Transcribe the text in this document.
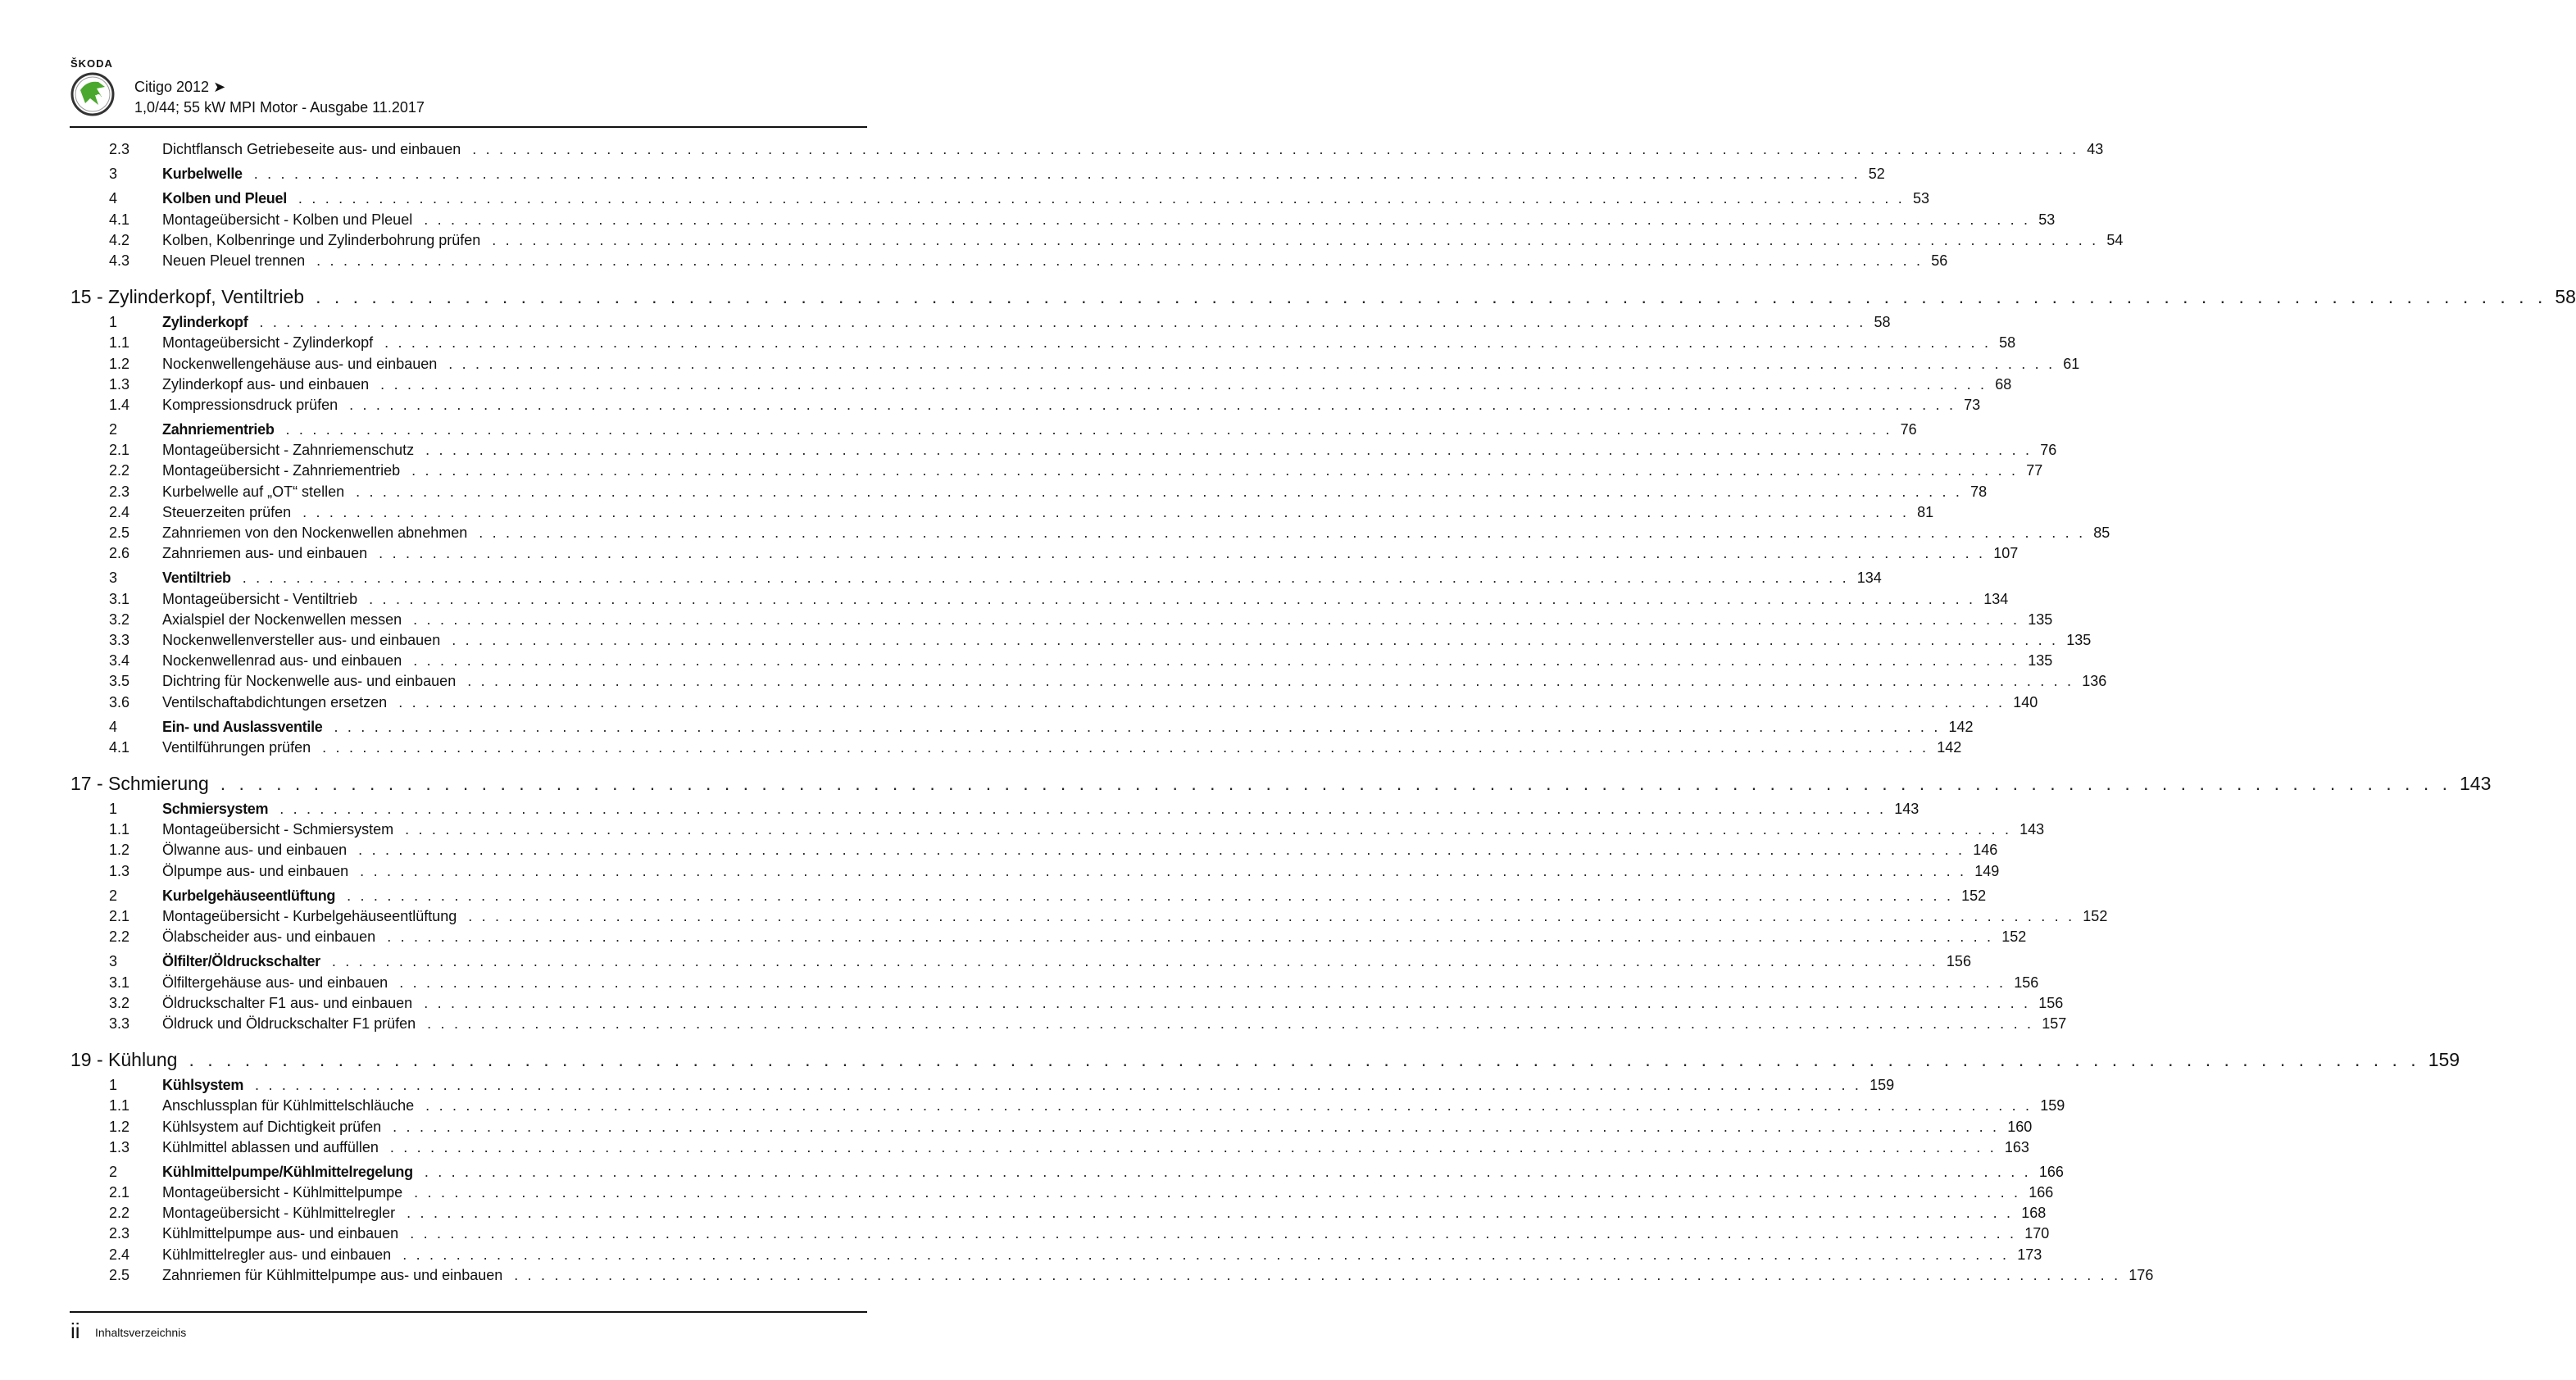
ŠKODA
Citigo 2012 ➤
1,0/44; 55 kW MPI Motor - Ausgabe 11.2017
2.3	Dichtflansch Getriebeseite aus- und einbauen . . . . . . . . . . . . . . . . . . . . . . . . . . . . . . . . . . . . . . . . . . . . . . . . . . . . . . . . . . . . . . . . . . . . . . . . . . . . . . . . . . . . . . . . . . . . . . . . . . . . . . . . . . . . . . . . . . . . . . . . 43
3	Kurbelwelle . . . . . . . . . . . . . . . . . . . . . . . . . . . . . . . . . . . . . . . . . . . . . . . . . . . . . . . . . . . . . . . . . . . . . . . . . . . . . . . . . . . . . . . . . . . . . . . . . . . . . . . . . . . . . . . . . . . . . . . . 52
4	Kolben und Pleuel . . . . . . . . . . . . . . . . . . . . . . . . . . . . . . . . . . . . . . . . . . . . . . . . . . . . . . . . . . . . . . . . . . . . . . . . . . . . . . . . . . . . . . . . . . . . . . . . . . . . . . . . . . . . . . . . . . . . . . . . 53
4.1	Montageübersicht - Kolben und Pleuel . . . . . . . . . . . . . . . . . . . . . . . . . . . . . . . . . . . . . . . . . . . . . . . . . . . . . . . . . . . . . . . . . . . . . . . . . . . . . . . . . . . . . . . . . . . . . . . . . . . . . . . . . . . . . . . . . . . . . . . . 53
4.2	Kolben, Kolbenringe und Zylinderbohrung prüfen . . . . . . . . . . . . . . . . . . . . . . . . . . . . . . . . . . . . . . . . . . . . . . . . . . . . . . . . . . . . . . . . . . . . . . . . . . . . . . . . . . . . . . . . . . . . . . . . . . . . . . . . . . . . . . . . . . . . . . . . 54
4.3	Neuen Pleuel trennen . . . . . . . . . . . . . . . . . . . . . . . . . . . . . . . . . . . . . . . . . . . . . . . . . . . . . . . . . . . . . . . . . . . . . . . . . . . . . . . . . . . . . . . . . . . . . . . . . . . . . . . . . . . . . . . . . . . . . . . . 56
15 - Zylinderkopf, Ventiltrieb . . . . . . . . . . . . . . . . . . . . . . . . . . . . . . . . . . . . . . . . . . . . . . . . . . . . . . . . . . . . . . . . . . . . . . . . . . . . . . . . . . . . . . . . . . . . . . . . . . . . . . . . . . . . . . . . . . . . . . . . 58
1	Zylinderkopf . . . . . . . . . . . . . . . . . . . . . . . . . . . . . . . . . . . . . . . . . . . . . . . . . . . . . . . . . . . . . . . . . . . . . . . . . . . . . . . . . . . . . . . . . . . . . . . . . . . . . . . . . . . . . . . . . . . . . . . . 58
1.1	Montageübersicht - Zylinderkopf . . . . . . . . . . . . . . . . . . . . . . . . . . . . . . . . . . . . . . . . . . . . . . . . . . . . . . . . . . . . . . . . . . . . . . . . . . . . . . . . . . . . . . . . . . . . . . . . . . . . . . . . . . . . . . . . . . . . . . . . 58
1.2	Nockenwellengehäuse aus- und einbauen . . . . . . . . . . . . . . . . . . . . . . . . . . . . . . . . . . . . . . . . . . . . . . . . . . . . . . . . . . . . . . . . . . . . . . . . . . . . . . . . . . . . . . . . . . . . . . . . . . . . . . . . . . . . . . . . . . . . . . . . 61
1.3	Zylinderkopf aus- und einbauen . . . . . . . . . . . . . . . . . . . . . . . . . . . . . . . . . . . . . . . . . . . . . . . . . . . . . . . . . . . . . . . . . . . . . . . . . . . . . . . . . . . . . . . . . . . . . . . . . . . . . . . . . . . . . . . . . . . . . . . . 68
1.4	Kompressionsdruck prüfen . . . . . . . . . . . . . . . . . . . . . . . . . . . . . . . . . . . . . . . . . . . . . . . . . . . . . . . . . . . . . . . . . . . . . . . . . . . . . . . . . . . . . . . . . . . . . . . . . . . . . . . . . . . . . . . . . . . . . . . . 73
2	Zahnriementrieb . . . . . . . . . . . . . . . . . . . . . . . . . . . . . . . . . . . . . . . . . . . . . . . . . . . . . . . . . . . . . . . . . . . . . . . . . . . . . . . . . . . . . . . . . . . . . . . . . . . . . . . . . . . . . . . . . . . . . . . . 76
2.1	Montageübersicht - Zahnriemenschutz . . . . . . . . . . . . . . . . . . . . . . . . . . . . . . . . . . . . . . . . . . . . . . . . . . . . . . . . . . . . . . . . . . . . . . . . . . . . . . . . . . . . . . . . . . . . . . . . . . . . . . . . . . . . . . . . . . . . . . . . 76
2.2	Montageübersicht - Zahnriementrieb . . . . . . . . . . . . . . . . . . . . . . . . . . . . . . . . . . . . . . . . . . . . . . . . . . . . . . . . . . . . . . . . . . . . . . . . . . . . . . . . . . . . . . . . . . . . . . . . . . . . . . . . . . . . . . . . . . . . . . . . 77
2.3	Kurbelwelle auf „OT“ stellen . . . . . . . . . . . . . . . . . . . . . . . . . . . . . . . . . . . . . . . . . . . . . . . . . . . . . . . . . . . . . . . . . . . . . . . . . . . . . . . . . . . . . . . . . . . . . . . . . . . . . . . . . . . . . . . . . . . . . . . . 78
2.4	Steuerzeiten prüfen . . . . . . . . . . . . . . . . . . . . . . . . . . . . . . . . . . . . . . . . . . . . . . . . . . . . . . . . . . . . . . . . . . . . . . . . . . . . . . . . . . . . . . . . . . . . . . . . . . . . . . . . . . . . . . . . . . . . . . . . 81
2.5	Zahnriemen von den Nockenwellen abnehmen . . . . . . . . . . . . . . . . . . . . . . . . . . . . . . . . . . . . . . . . . . . . . . . . . . . . . . . . . . . . . . . . . . . . . . . . . . . . . . . . . . . . . . . . . . . . . . . . . . . . . . . . . . . . . . . . . . . . . . . . 85
2.6	Zahnriemen aus- und einbauen . . . . . . . . . . . . . . . . . . . . . . . . . . . . . . . . . . . . . . . . . . . . . . . . . . . . . . . . . . . . . . . . . . . . . . . . . . . . . . . . . . . . . . . . . . . . . . . . . . . . . . . . . . . . . . . . . . . . . . . . 107
3	Ventiltrieb . . . . . . . . . . . . . . . . . . . . . . . . . . . . . . . . . . . . . . . . . . . . . . . . . . . . . . . . . . . . . . . . . . . . . . . . . . . . . . . . . . . . . . . . . . . . . . . . . . . . . . . . . . . . . . . . . . . . . . . . 134
3.1	Montageübersicht - Ventiltrieb . . . . . . . . . . . . . . . . . . . . . . . . . . . . . . . . . . . . . . . . . . . . . . . . . . . . . . . . . . . . . . . . . . . . . . . . . . . . . . . . . . . . . . . . . . . . . . . . . . . . . . . . . . . . . . . . . . . . . . . . 134
3.2	Axialspiel der Nockenwellen messen . . . . . . . . . . . . . . . . . . . . . . . . . . . . . . . . . . . . . . . . . . . . . . . . . . . . . . . . . . . . . . . . . . . . . . . . . . . . . . . . . . . . . . . . . . . . . . . . . . . . . . . . . . . . . . . . . . . . . . . . 135
3.3	Nockenwellenversteller aus- und einbauen . . . . . . . . . . . . . . . . . . . . . . . . . . . . . . . . . . . . . . . . . . . . . . . . . . . . . . . . . . . . . . . . . . . . . . . . . . . . . . . . . . . . . . . . . . . . . . . . . . . . . . . . . . . . . . . . . . . . . . . . 135
3.4	Nockenwellenrad aus- und einbauen . . . . . . . . . . . . . . . . . . . . . . . . . . . . . . . . . . . . . . . . . . . . . . . . . . . . . . . . . . . . . . . . . . . . . . . . . . . . . . . . . . . . . . . . . . . . . . . . . . . . . . . . . . . . . . . . . . . . . . . . 135
3.5	Dichtring für Nockenwelle aus- und einbauen . . . . . . . . . . . . . . . . . . . . . . . . . . . . . . . . . . . . . . . . . . . . . . . . . . . . . . . . . . . . . . . . . . . . . . . . . . . . . . . . . . . . . . . . . . . . . . . . . . . . . . . . . . . . . . . . . . . . . . . . 136
3.6	Ventilschaftabdichtungen ersetzen . . . . . . . . . . . . . . . . . . . . . . . . . . . . . . . . . . . . . . . . . . . . . . . . . . . . . . . . . . . . . . . . . . . . . . . . . . . . . . . . . . . . . . . . . . . . . . . . . . . . . . . . . . . . . . . . . . . . . . . . 140
4	Ein- und Auslassventile . . . . . . . . . . . . . . . . . . . . . . . . . . . . . . . . . . . . . . . . . . . . . . . . . . . . . . . . . . . . . . . . . . . . . . . . . . . . . . . . . . . . . . . . . . . . . . . . . . . . . . . . . . . . . . . . . . . . . . . . 142
4.1	Ventilführungen prüfen . . . . . . . . . . . . . . . . . . . . . . . . . . . . . . . . . . . . . . . . . . . . . . . . . . . . . . . . . . . . . . . . . . . . . . . . . . . . . . . . . . . . . . . . . . . . . . . . . . . . . . . . . . . . . . . . . . . . . . . . 142
17 - Schmierung . . . . . . . . . . . . . . . . . . . . . . . . . . . . . . . . . . . . . . . . . . . . . . . . . . . . . . . . . . . . . . . . . . . . . . . . . . . . . . . . . . . . . . . . . . . . . . . . . . . . . . . . . . . . . . . . . . . . . . . . 143
1	Schmiersystem . . . . . . . . . . . . . . . . . . . . . . . . . . . . . . . . . . . . . . . . . . . . . . . . . . . . . . . . . . . . . . . . . . . . . . . . . . . . . . . . . . . . . . . . . . . . . . . . . . . . . . . . . . . . . . . . . . . . . . . . 143
1.1	Montageübersicht - Schmiersystem . . . . . . . . . . . . . . . . . . . . . . . . . . . . . . . . . . . . . . . . . . . . . . . . . . . . . . . . . . . . . . . . . . . . . . . . . . . . . . . . . . . . . . . . . . . . . . . . . . . . . . . . . . . . . . . . . . . . . . . . 143
1.2	Ölwanne aus- und einbauen . . . . . . . . . . . . . . . . . . . . . . . . . . . . . . . . . . . . . . . . . . . . . . . . . . . . . . . . . . . . . . . . . . . . . . . . . . . . . . . . . . . . . . . . . . . . . . . . . . . . . . . . . . . . . . . . . . . . . . . . 146
1.3	Ölpumpe aus- und einbauen . . . . . . . . . . . . . . . . . . . . . . . . . . . . . . . . . . . . . . . . . . . . . . . . . . . . . . . . . . . . . . . . . . . . . . . . . . . . . . . . . . . . . . . . . . . . . . . . . . . . . . . . . . . . . . . . . . . . . . . . 149
2	Kurbelgehäuseentlüftung . . . . . . . . . . . . . . . . . . . . . . . . . . . . . . . . . . . . . . . . . . . . . . . . . . . . . . . . . . . . . . . . . . . . . . . . . . . . . . . . . . . . . . . . . . . . . . . . . . . . . . . . . . . . . . . . . . . . . . . . 152
2.1	Montageübersicht - Kurbelgehäuseentlüftung . . . . . . . . . . . . . . . . . . . . . . . . . . . . . . . . . . . . . . . . . . . . . . . . . . . . . . . . . . . . . . . . . . . . . . . . . . . . . . . . . . . . . . . . . . . . . . . . . . . . . . . . . . . . . . . . . . . . . . . . 152
2.2	Ölabscheider aus- und einbauen . . . . . . . . . . . . . . . . . . . . . . . . . . . . . . . . . . . . . . . . . . . . . . . . . . . . . . . . . . . . . . . . . . . . . . . . . . . . . . . . . . . . . . . . . . . . . . . . . . . . . . . . . . . . . . . . . . . . . . . . 152
3	Ölfilter/Öldruckschalter . . . . . . . . . . . . . . . . . . . . . . . . . . . . . . . . . . . . . . . . . . . . . . . . . . . . . . . . . . . . . . . . . . . . . . . . . . . . . . . . . . . . . . . . . . . . . . . . . . . . . . . . . . . . . . . . . . . . . . . . 156
3.1	Ölfiltergehäuse aus- und einbauen . . . . . . . . . . . . . . . . . . . . . . . . . . . . . . . . . . . . . . . . . . . . . . . . . . . . . . . . . . . . . . . . . . . . . . . . . . . . . . . . . . . . . . . . . . . . . . . . . . . . . . . . . . . . . . . . . . . . . . . . 156
3.2	Öldruckschalter F1 aus- und einbauen . . . . . . . . . . . . . . . . . . . . . . . . . . . . . . . . . . . . . . . . . . . . . . . . . . . . . . . . . . . . . . . . . . . . . . . . . . . . . . . . . . . . . . . . . . . . . . . . . . . . . . . . . . . . . . . . . . . . . . . . 156
3.3	Öldruck und Öldruckschalter F1 prüfen . . . . . . . . . . . . . . . . . . . . . . . . . . . . . . . . . . . . . . . . . . . . . . . . . . . . . . . . . . . . . . . . . . . . . . . . . . . . . . . . . . . . . . . . . . . . . . . . . . . . . . . . . . . . . . . . . . . . . . . . 157
19 - Kühlung . . . . . . . . . . . . . . . . . . . . . . . . . . . . . . . . . . . . . . . . . . . . . . . . . . . . . . . . . . . . . . . . . . . . . . . . . . . . . . . . . . . . . . . . . . . . . . . . . . . . . . . . . . . . . . . . . . . . . . . . 159
1	Kühlsystem . . . . . . . . . . . . . . . . . . . . . . . . . . . . . . . . . . . . . . . . . . . . . . . . . . . . . . . . . . . . . . . . . . . . . . . . . . . . . . . . . . . . . . . . . . . . . . . . . . . . . . . . . . . . . . . . . . . . . . . . 159
1.1	Anschlussplan für Kühlmittelschläuche . . . . . . . . . . . . . . . . . . . . . . . . . . . . . . . . . . . . . . . . . . . . . . . . . . . . . . . . . . . . . . . . . . . . . . . . . . . . . . . . . . . . . . . . . . . . . . . . . . . . . . . . . . . . . . . . . . . . . . . . 159
1.2	Kühlsystem auf Dichtigkeit prüfen . . . . . . . . . . . . . . . . . . . . . . . . . . . . . . . . . . . . . . . . . . . . . . . . . . . . . . . . . . . . . . . . . . . . . . . . . . . . . . . . . . . . . . . . . . . . . . . . . . . . . . . . . . . . . . . . . . . . . . . . 160
1.3	Kühlmittel ablassen und auffüllen . . . . . . . . . . . . . . . . . . . . . . . . . . . . . . . . . . . . . . . . . . . . . . . . . . . . . . . . . . . . . . . . . . . . . . . . . . . . . . . . . . . . . . . . . . . . . . . . . . . . . . . . . . . . . . . . . . . . . . . . 163
2	Kühlmittelpumpe/Kühlmittelregelung . . . . . . . . . . . . . . . . . . . . . . . . . . . . . . . . . . . . . . . . . . . . . . . . . . . . . . . . . . . . . . . . . . . . . . . . . . . . . . . . . . . . . . . . . . . . . . . . . . . . . . . . . . . . . . . . . . . . . . . . 166
2.1	Montageübersicht - Kühlmittelpumpe . . . . . . . . . . . . . . . . . . . . . . . . . . . . . . . . . . . . . . . . . . . . . . . . . . . . . . . . . . . . . . . . . . . . . . . . . . . . . . . . . . . . . . . . . . . . . . . . . . . . . . . . . . . . . . . . . . . . . . . . 166
2.2	Montageübersicht - Kühlmittelregler . . . . . . . . . . . . . . . . . . . . . . . . . . . . . . . . . . . . . . . . . . . . . . . . . . . . . . . . . . . . . . . . . . . . . . . . . . . . . . . . . . . . . . . . . . . . . . . . . . . . . . . . . . . . . . . . . . . . . . . . 168
2.3	Kühlmittelpumpe aus- und einbauen . . . . . . . . . . . . . . . . . . . . . . . . . . . . . . . . . . . . . . . . . . . . . . . . . . . . . . . . . . . . . . . . . . . . . . . . . . . . . . . . . . . . . . . . . . . . . . . . . . . . . . . . . . . . . . . . . . . . . . . . 170
2.4	Kühlmittelregler aus- und einbauen . . . . . . . . . . . . . . . . . . . . . . . . . . . . . . . . . . . . . . . . . . . . . . . . . . . . . . . . . . . . . . . . . . . . . . . . . . . . . . . . . . . . . . . . . . . . . . . . . . . . . . . . . . . . . . . . . . . . . . . . 173
2.5	Zahnriemen für Kühlmittelpumpe aus- und einbauen . . . . . . . . . . . . . . . . . . . . . . . . . . . . . . . . . . . . . . . . . . . . . . . . . . . . . . . . . . . . . . . . . . . . . . . . . . . . . . . . . . . . . . . . . . . . . . . . . . . . . . . . . . . . . . . . . . . . . . . . 176
ii Inhaltsverzeichnis
